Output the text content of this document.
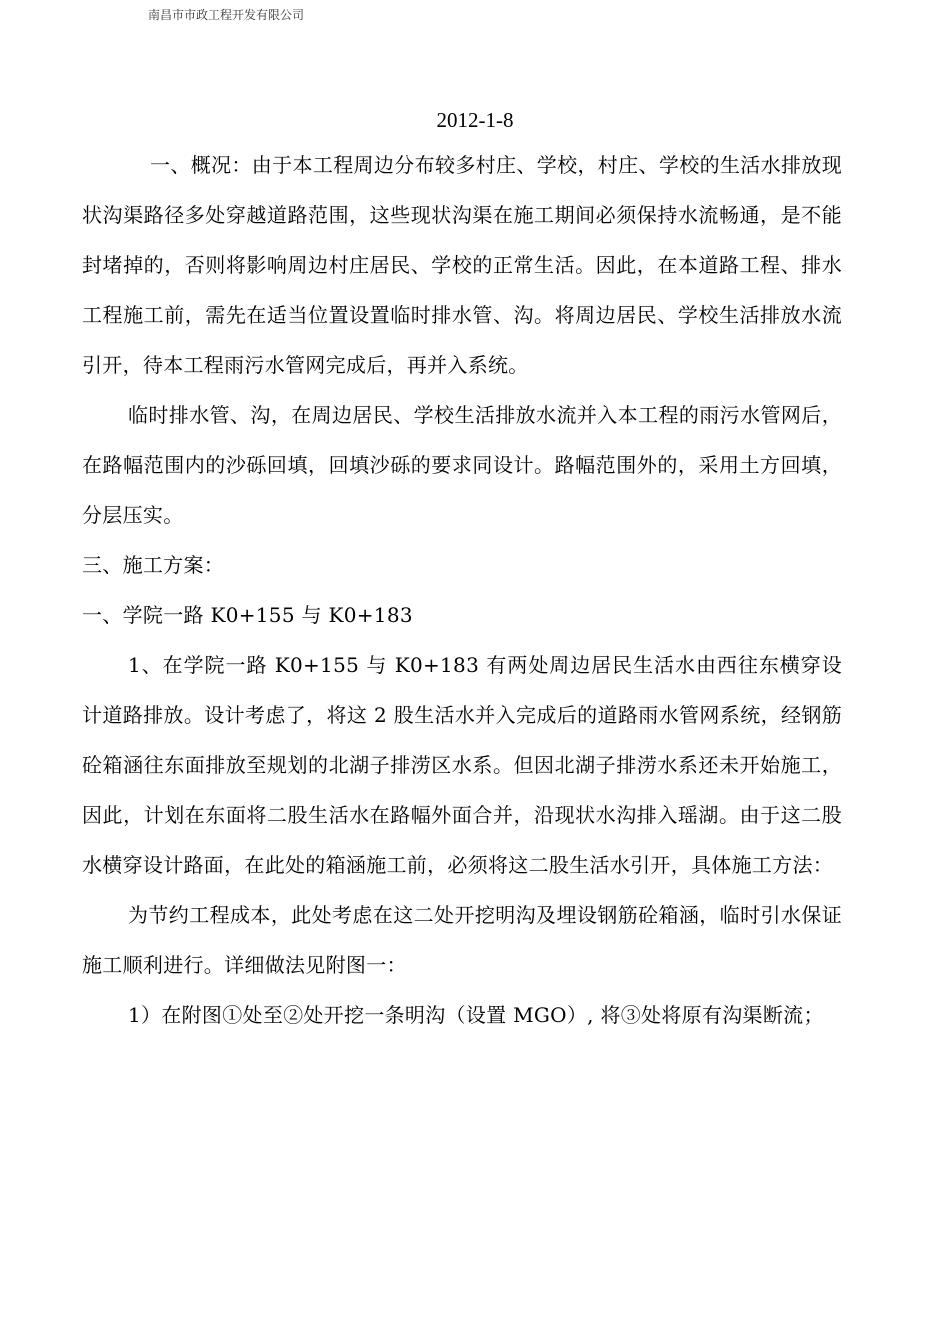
南昌市市政工程开发有限公司
2012-1-8

一、概况：由于本工程周边分布较多村庄、学校，村庄、学校的生活水排放现状沟渠路径多处穿越道路范围，这些现状沟渠在施工期间必须保持水流畅通，是不能封堵掉的，否则将影响周边村庄居民、学校的正常生活。因此，在本道路工程、排水工程施工前，需先在适当位置设置临时排水管、沟。将周边居民、学校生活排放水流引开，待本工程雨污水管网完成后，再并入系统。

临时排水管、沟，在周边居民、学校生活排放水流并入本工程的雨污水管网后，在路幅范围内的沙砾回填，回填沙砾的要求同设计。路幅范围外的，采用土方回填，分层压实。

三、施工方案：

一、学院一路 K0+155 与 K0+183

1、在学院一路 K0+155 与 K0+183 有两处周边居民生活水由西往东横穿设计道路排放。设计考虑了，将这 2 股生活水并入完成后的道路雨水管网系统，经钢筋砼箱涵往东面排放至规划的北湖子排涝区水系。但因北湖子排涝水系还未开始施工，因此，计划在东面将二股生活水在路幅外面合并，沿现状水沟排入瑶湖。由于这二股水横穿设计路面，在此处的箱涵施工前，必须将这二股生活水引开，具体施工方法：

为节约工程成本，此处考虑在这二处开挖明沟及埋设钢筋砼箱涵，临时引水保证施工顺利进行。详细做法见附图一：

1）在附图①处至②处开挖一条明沟（设置 MGO）, 将③处将原有沟渠断流；
